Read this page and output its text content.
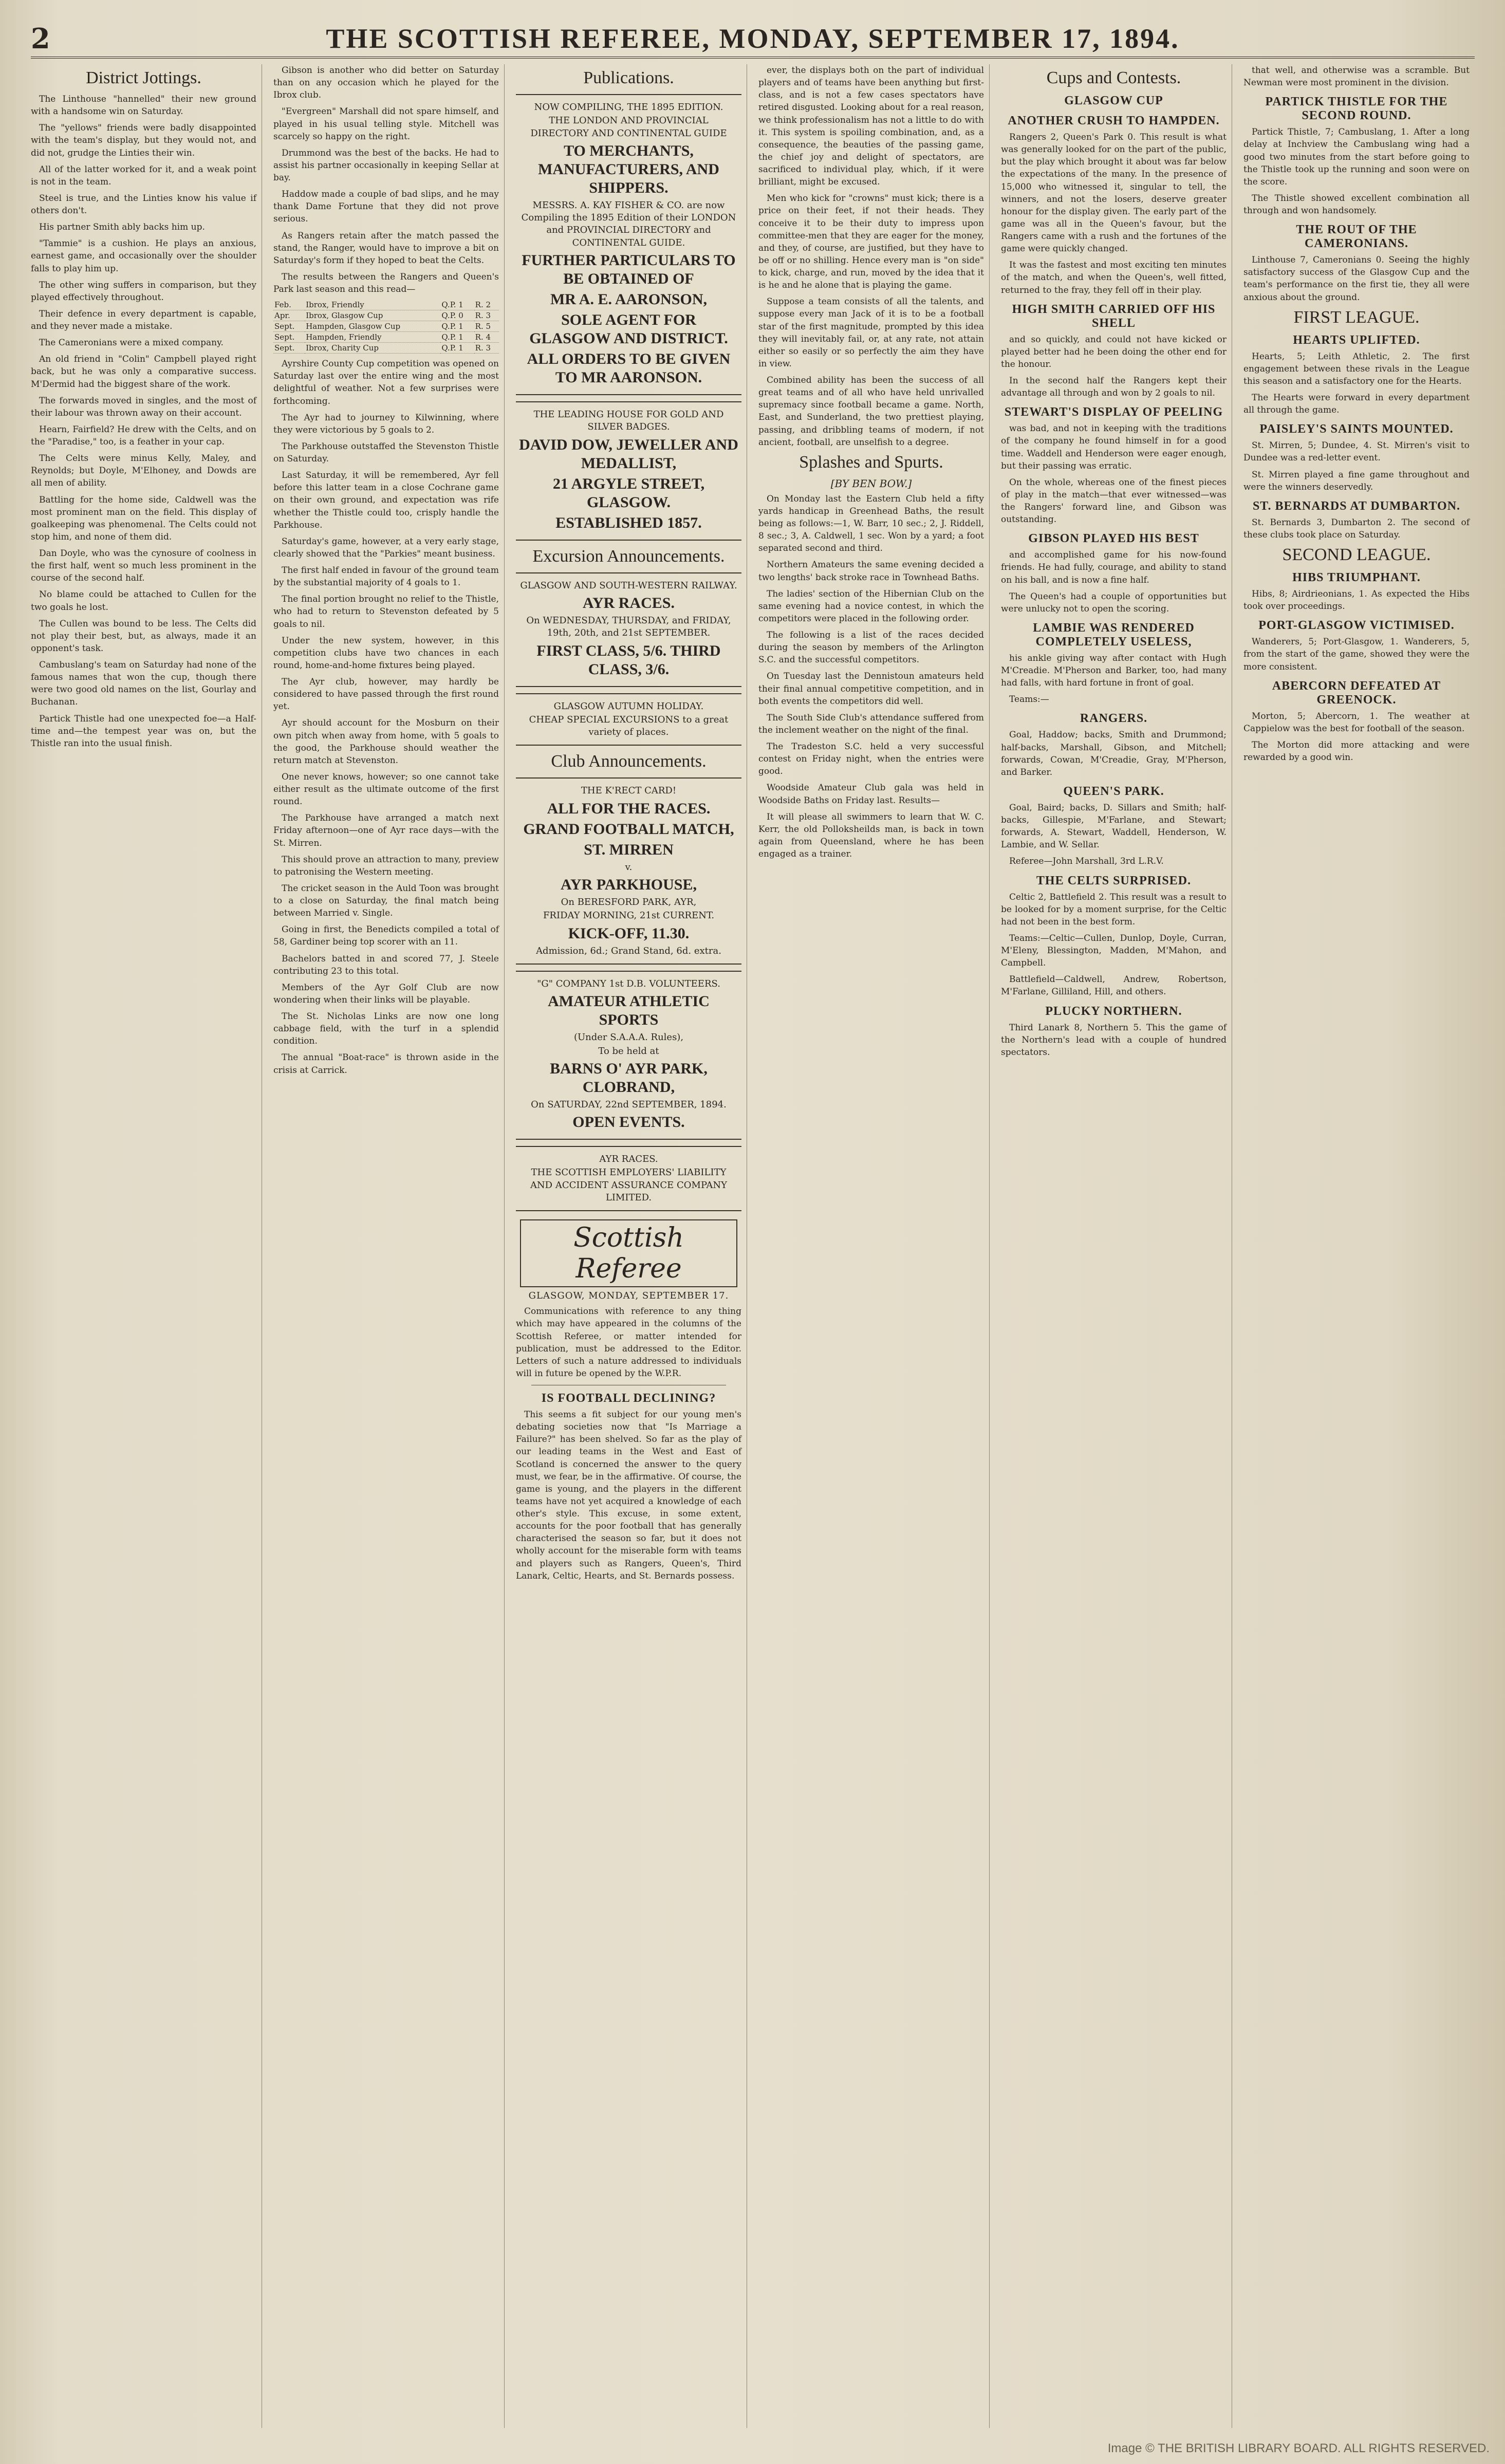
2	THE SCOTTISH REFEREE, MONDAY, SEPTEMBER 17, 1894.
District Jottings.

The Linthouse "hannelled" their new ground with a handsome win on Saturday.

The "yellows" friends were badly disappointed with the team's display, but they would not, and did not, grudge the Linties their win.

All of the latter worked for it, and a weak point is not in the team.

Steel is true, and the Linties know his value if others don't.

His partner Smith ably backs him up.

"Tammie" is a cushion. He plays an anxious, earnest game, and occasionally over the shoulder falls to play him up.

The other wing suffers in comparison, but they played effectively throughout.

Their defence in every department is capable, and they never made a mistake.

The Cameronians were a mixed company.

An old friend in "Colin" Campbell played right back, but he was only a comparative success. M'Dermid had the biggest share of the work.

The forwards moved in singles, and the most of their labour was thrown away on their account.

Hearn, Fairfield? He drew with the Celts, and on the "Paradise," too, is a feather in your cap.

The Celts were minus Kelly, Maley, and Reynolds; but Doyle, M'Elhoney, and Dowds are all men of ability.

Battling for the home side, Caldwell was the most prominent man on the field. This display of goalkeeping was phenomenal. The Celts could not stop him, and none of them did.

Dan Doyle, who was the cynosure of coolness in the first half, went so much less prominent in the course of the second half.

No blame could be attached to Cullen for the two goals he lost.

The Cullen was bound to be less. The Celts did not play their best, but, as always, made it an opponent's task.

Cambuslang's team on Saturday had none of the famous names that won the cup, though there were two good old names on the list, Gourlay and Buchanan.

Partick Thistle had one unexpected foe—a Half-time and—the tempest year was on, but the Thistle ran into the usual finish.

Gibson is another who did better on Saturday than on any occasion which he played for the Ibrox club.

"Evergreen" Marshall did not spare himself, and played in his usual telling style. Mitchell was scarcely so happy on the right.

Drummond was the best of the backs. He had to assist his partner occasionally in keeping Sellar at bay.

Haddow made a couple of bad slips, and he may thank Dame Fortune that they did not prove serious.

As Rangers retain after the match passed the stand, the Ranger, would have to improve a bit on Saturday's form if they hoped to beat the Celts.

The results between the Rangers and Queen's Park last season and this read—

Feb.	Ibrox, Friendly	Q.P. 1	R. 2
Apr.	Ibrox, Glasgow Cup	Q.P. 0	R. 3
Sept.	Hampden, Glasgow Cup	Q.P. 1	R. 5
Sept.	Hampden, Friendly	Q.P. 1	R. 4
Sept.	Ibrox, Charity Cup	Q.P. 1	R. 3

Ayrshire County Cup competition was opened on Saturday last over the entire wing and the most delightful of weather. Not a few surprises were forthcoming.

The Ayr had to journey to Kilwinning, where they were victorious by 5 goals to 2.

The Parkhouse outstaffed the Stevenston Thistle on Saturday.

Last Saturday, it will be remembered, Ayr fell before this latter team in a close Cochrane game on their own ground, and expectation was rife whether the Thistle could too, crisply handle the Parkhouse.

Saturday's game, however, at a very early stage, clearly showed that the "Parkies" meant business.

The first half ended in favour of the ground team by the substantial majority of 4 goals to 1.

The final portion brought no relief to the Thistle, who had to return to Stevenston defeated by 5 goals to nil.

Under the new system, however, in this competition clubs have two chances in each round, home-and-home fixtures being played.

The Ayr club, however, may hardly be considered to have passed through the first round yet.

Ayr should account for the Mosburn on their own pitch when away from home, with 5 goals to the good, the Parkhouse should weather the return match at Stevenston.

One never knows, however; so one cannot take either result as the ultimate outcome of the first round.

The Parkhouse have arranged a match next Friday afternoon—one of Ayr race days—with the St. Mirren.

This should prove an attraction to many, preview to patronising the Western meeting.

The cricket season in the Auld Toon was brought to a close on Saturday, the final match being between Married v. Single.

Going in first, the Benedicts compiled a total of 58, Gardiner being top scorer with an 11.

Bachelors batted in and scored 77, J. Steele contributing 23 to this total.

Members of the Ayr Golf Club are now wondering when their links will be playable.

The St. Nicholas Links are now one long cabbage field, with the turf in a splendid condition.

The annual "Boat-race" is thrown aside in the crisis at Carrick.

Publications.
NOW COMPILING, THE 1895 EDITION.
THE LONDON AND PROVINCIAL DIRECTORY AND CONTINENTAL GUIDE
TO MERCHANTS, MANUFACTURERS, AND SHIPPERS.
MESSRS. A. KAY FISHER & CO. are now Compiling the 1895 Edition of their LONDON and PROVINCIAL DIRECTORY and CONTINENTAL GUIDE.
FURTHER PARTICULARS TO BE OBTAINED OF
MR A. E. AARONSON,
SOLE AGENT FOR GLASGOW AND DISTRICT.
ALL ORDERS TO BE GIVEN TO MR AARONSON.
THE LEADING HOUSE FOR GOLD AND SILVER BADGES.
DAVID DOW, JEWELLER AND MEDALLIST,
21 ARGYLE STREET, GLASGOW.
ESTABLISHED 1857.
Excursion Announcements.
GLASGOW AND SOUTH-WESTERN RAILWAY.
AYR RACES.
On WEDNESDAY, THURSDAY, and FRIDAY, 19th, 20th, and 21st SEPTEMBER.
FIRST CLASS, 5/6. THIRD CLASS, 3/6.
GLASGOW AUTUMN HOLIDAY.
CHEAP SPECIAL EXCURSIONS to a great variety of places.
Club Announcements.
THE K'RECT CARD!
ALL FOR THE RACES.
GRAND FOOTBALL MATCH,
ST. MIRREN
v.
AYR PARKHOUSE,
On BERESFORD PARK, AYR,
FRIDAY MORNING, 21st CURRENT.
KICK-OFF, 11.30.
Admission, 6d.; Grand Stand, 6d. extra.
"G" COMPANY 1st D.B. VOLUNTEERS.
AMATEUR ATHLETIC SPORTS
(Under S.A.A.A. Rules),
To be held at
BARNS O' AYR PARK, CLOBRAND,
On SATURDAY, 22nd SEPTEMBER, 1894.
OPEN EVENTS.
AYR RACES.
THE SCOTTISH EMPLOYERS' LIABILITY AND ACCIDENT ASSURANCE COMPANY LIMITED.
Scottish Referee
GLASGOW, MONDAY, SEPTEMBER 17.

Communications with reference to any thing which may have appeared in the columns of the Scottish Referee, or matter intended for publication, must be addressed to the Editor. Letters of such a nature addressed to individuals will in future be opened by the W.P.R.

IS FOOTBALL DECLINING?

This seems a fit subject for our young men's debating societies now that "Is Marriage a Failure?" has been shelved. So far as the play of our leading teams in the West and East of Scotland is concerned the answer to the query must, we fear, be in the affirmative. Of course, the game is young, and the players in the different teams have not yet acquired a knowledge of each other's style. This excuse, in some extent, accounts for the poor football that has generally characterised the season so far, but it does not wholly account for the miserable form with teams and players such as Rangers, Queen's, Third Lanark, Celtic, Hearts, and St. Bernards possess.

ever, the displays both on the part of individual players and of teams have been anything but first-class, and is not a few cases spectators have retired disgusted. Looking about for a real reason, we think professionalism has not a little to do with it. This system is spoiling combination, and, as a consequence, the beauties of the passing game, the chief joy and delight of spectators, are sacrificed to individual play, which, if it were brilliant, might be excused.

Men who kick for "crowns" must kick; there is a price on their feet, if not their heads. They conceive it to be their duty to impress upon committee-men that they are eager for the money, and they, of course, are justified, but they have to be off or no shilling. Hence every man is "on side" to kick, charge, and run, moved by the idea that it is he and he alone that is playing the game.

Suppose a team consists of all the talents, and suppose every man Jack of it is to be a football star of the first magnitude, prompted by this idea they will inevitably fail, or, at any rate, not attain either so easily or so perfectly the aim they have in view.

Combined ability has been the success of all great teams and of all who have held unrivalled supremacy since football became a game. North, East, and Sunderland, the two prettiest playing, passing, and dribbling teams of modern, if not ancient, football, are unselfish to a degree.

Splashes and Spurts.
[BY BEN BOW.]

On Monday last the Eastern Club held a fifty yards handicap in Greenhead Baths, the result being as follows:—1, W. Barr, 10 sec.; 2, J. Riddell, 8 sec.; 3, A. Caldwell, 1 sec. Won by a yard; a foot separated second and third.

Northern Amateurs the same evening decided a two lengths' back stroke race in Townhead Baths.

The ladies' section of the Hibernian Club on the same evening had a novice contest, in which the competitors were placed in the following order.

The following is a list of the races decided during the season by members of the Arlington S.C. and the successful competitors.

On Tuesday last the Dennistoun amateurs held their final annual competitive competition, and in both events the competitors did well.

The South Side Club's attendance suffered from the inclement weather on the night of the final.

The Tradeston S.C. held a very successful contest on Friday night, when the entries were good.

Woodside Amateur Club gala was held in Woodside Baths on Friday last. Results—

It will please all swimmers to learn that W. C. Kerr, the old Polloksheilds man, is back in town again from Queensland, where he has been engaged as a trainer.

Cups and Contests.
GLASGOW CUP
ANOTHER CRUSH TO HAMPDEN.

Rangers 2, Queen's Park 0. This result is what was generally looked for on the part of the public, but the play which brought it about was far below the expectations of the many. In the presence of 15,000 who witnessed it, singular to tell, the winners, and not the losers, deserve greater honour for the display given. The early part of the game was all in the Queen's favour, but the Rangers came with a rush and the fortunes of the game were quickly changed.

It was the fastest and most exciting ten minutes of the match, and when the Queen's, well fitted, returned to the fray, they fell off in their play.

HIGH SMITH CARRIED OFF HIS SHELL

and so quickly, and could not have kicked or played better had he been doing the other end for the honour.

In the second half the Rangers kept their advantage all through and won by 2 goals to nil.

STEWART'S DISPLAY OF PEELING

was bad, and not in keeping with the traditions of the company he found himself in for a good time. Waddell and Henderson were eager enough, but their passing was erratic.

On the whole, whereas one of the finest pieces of play in the match—that ever witnessed—was the Rangers' forward line, and Gibson was outstanding.

GIBSON PLAYED HIS BEST

and accomplished game for his now-found friends. He had fully, courage, and ability to stand on his ball, and is now a fine half.

The Queen's had a couple of opportunities but were unlucky not to open the scoring.

LAMBIE WAS RENDERED COMPLETELY USELESS,

his ankle giving way after contact with Hugh M'Creadie. M'Pherson and Barker, too, had many had falls, with hard fortune in front of goal.

Teams:—

RANGERS.

Goal, Haddow; backs, Smith and Drummond; half-backs, Marshall, Gibson, and Mitchell; forwards, Cowan, M'Creadie, Gray, M'Pherson, and Barker.

QUEEN'S PARK.

Goal, Baird; backs, D. Sillars and Smith; half-backs, Gillespie, M'Farlane, and Stewart; forwards, A. Stewart, Waddell, Henderson, W. Lambie, and W. Sellar.

Referee—John Marshall, 3rd L.R.V.

THE CELTS SURPRISED.

Celtic 2, Battlefield 2. This result was a result to be looked for by a moment surprise, for the Celtic had not been in the best form.

Teams:—Celtic—Cullen, Dunlop, Doyle, Curran, M'Eleny, Blessington, Madden, M'Mahon, and Campbell.

Battlefield—Caldwell, Andrew, Robertson, M'Farlane, Gilliland, Hill, and others.

PLUCKY NORTHERN.

Third Lanark 8, Northern 5. This the game of the Northern's lead with a couple of hundred spectators.

that well, and otherwise was a scramble. But Newman were most prominent in the division.

PARTICK THISTLE FOR THE SECOND ROUND.

Partick Thistle, 7; Cambuslang, 1. After a long delay at Inchview the Cambuslang wing had a good two minutes from the start before going to the Thistle took up the running and soon were on the score.

The Thistle showed excellent combination all through and won handsomely.

THE ROUT OF THE CAMERONIANS.

Linthouse 7, Cameronians 0. Seeing the highly satisfactory success of the Glasgow Cup and the team's performance on the first tie, they all were anxious about the ground.

FIRST LEAGUE.
HEARTS UPLIFTED.

Hearts, 5; Leith Athletic, 2. The first engagement between these rivals in the League this season and a satisfactory one for the Hearts.

The Hearts were forward in every department all through the game.

PAISLEY'S SAINTS MOUNTED.

St. Mirren, 5; Dundee, 4. St. Mirren's visit to Dundee was a red-letter event.

St. Mirren played a fine game throughout and were the winners deservedly.

ST. BERNARDS AT DUMBARTON.

St. Bernards 3, Dumbarton 2. The second of these clubs took place on Saturday.

SECOND LEAGUE.
HIBS TRIUMPHANT.

Hibs, 8; Airdrieonians, 1. As expected the Hibs took over proceedings.

PORT-GLASGOW VICTIMISED.

Wanderers, 5; Port-Glasgow, 1. Wanderers, 5, from the start of the game, showed they were the more consistent.

ABERCORN DEFEATED AT GREENOCK.

Morton, 5; Abercorn, 1. The weather at Cappielow was the best for football of the season.

The Morton did more attacking and were rewarded by a good win.

Image © THE BRITISH LIBRARY BOARD. ALL RIGHTS RESERVED.
